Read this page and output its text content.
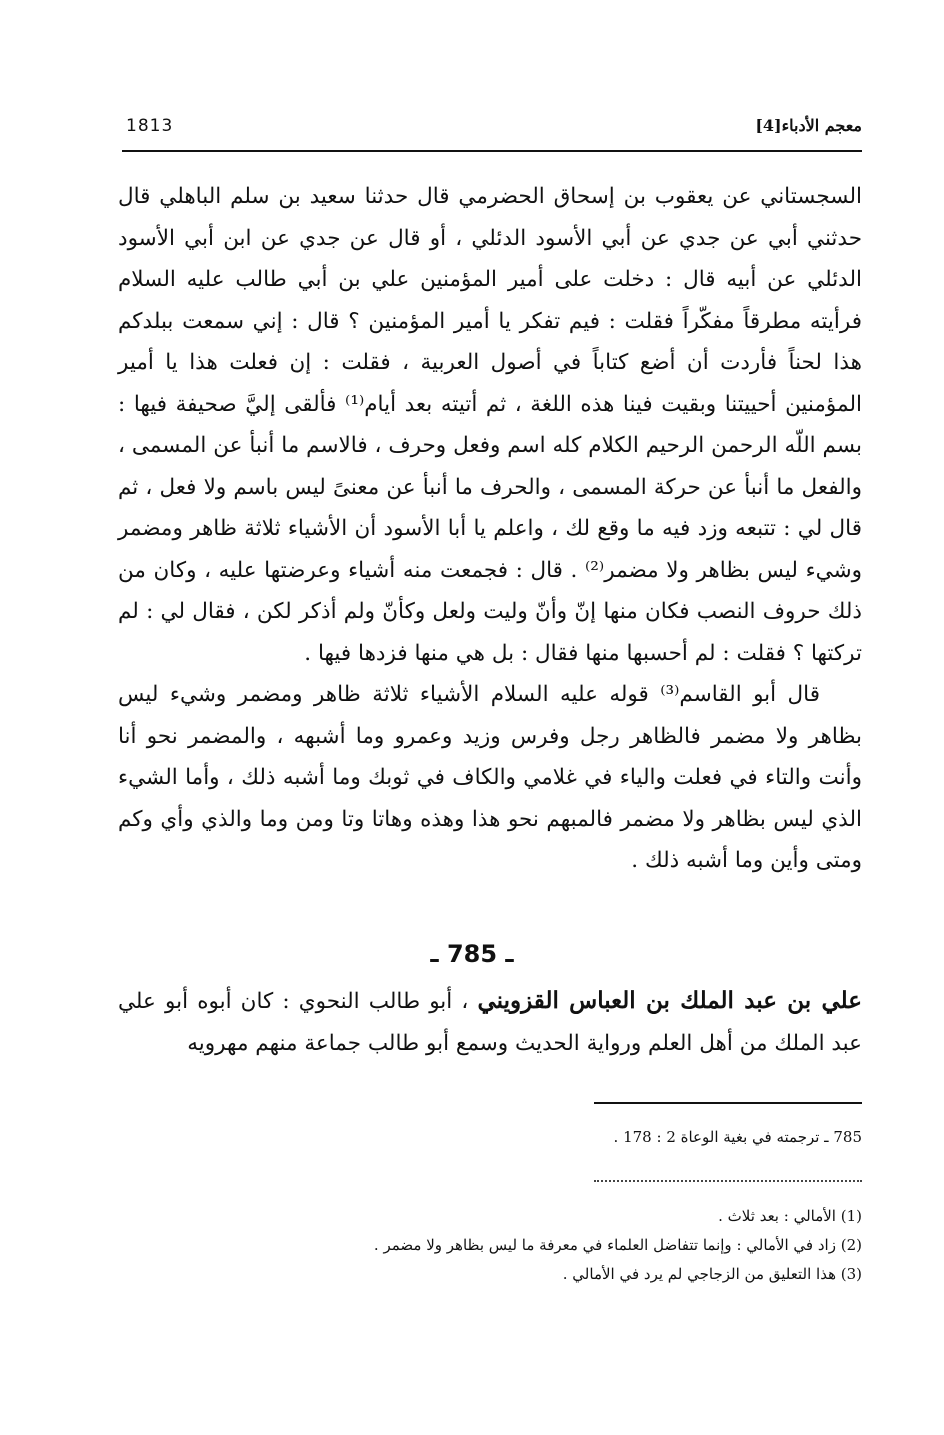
1813	معجم الأدباء[4]

السجستاني عن يعقوب بن إسحاق الحضرمي قال حدثنا سعيد بن سلم الباهلي قال حدثني أبي عن جدي عن أبي الأسود الدئلي ، أو قال عن جدي عن ابن أبي الأسود الدئلي عن أبيه قال : دخلت على أمير المؤمنين علي بن أبي طالب عليه السلام فرأيته مطرقاً مفكّراً فقلت : فيم تفكر يا أمير المؤمنين ؟ قال : إني سمعت ببلدكم هذا لحناً فأردت أن أضع كتاباً في أصول العربية ، فقلت : إن فعلت هذا يا أمير المؤمنين أحييتنا وبقيت فينا هذه اللغة ، ثم أتيته بعد أيام⁽¹⁾ فألقى إليَّ صحيفة فيها : بسم اللّه الرحمن الرحيم الكلام كله اسم وفعل وحرف ، فالاسم ما أنبأ عن المسمى ، والفعل ما أنبأ عن حركة المسمى ، والحرف ما أنبأ عن معنىً ليس باسم ولا فعل ، ثم قال لي : تتبعه وزد فيه ما وقع لك ، واعلم يا أبا الأسود أن الأشياء ثلاثة ظاهر ومضمر وشيء ليس بظاهر ولا مضمر⁽²⁾ . قال : فجمعت منه أشياء وعرضتها عليه ، وكان من ذلك حروف النصب فكان منها إنّ وأنّ وليت ولعل وكأنّ ولم أذكر لكن ، فقال لي : لم تركتها ؟ فقلت : لم أحسبها منها فقال : بل هي منها فزدها فيها .

قال أبو القاسم⁽³⁾ قوله عليه السلام الأشياء ثلاثة ظاهر ومضمر وشيء ليس بظاهر ولا مضمر فالظاهر رجل وفرس وزيد وعمرو وما أشبهه ، والمضمر نحو أنا وأنت والتاء في فعلت والياء في غلامي والكاف في ثوبك وما أشبه ذلك ، وأما الشيء الذي ليس بظاهر ولا مضمر فالمبهم نحو هذا وهذه وهاتا وتا ومن وما والذي وأي وكم ومتى وأين وما أشبه ذلك .

ـ 785 ـ

علي بن عبد الملك بن العباس القزويني ، أبو طالب النحوي : كان أبوه أبو علي عبد الملك من أهل العلم ورواية الحديث وسمع أبو طالب جماعة منهم مهرويه

785 ـ ترجمته في بغية الوعاة 2 : 178 .
(1) الأمالي : بعد ثلاث .
(2) زاد في الأمالي : وإنما تتفاضل العلماء في معرفة ما ليس بظاهر ولا مضمر .
(3) هذا التعليق من الزجاجي لم يرد في الأمالي .
